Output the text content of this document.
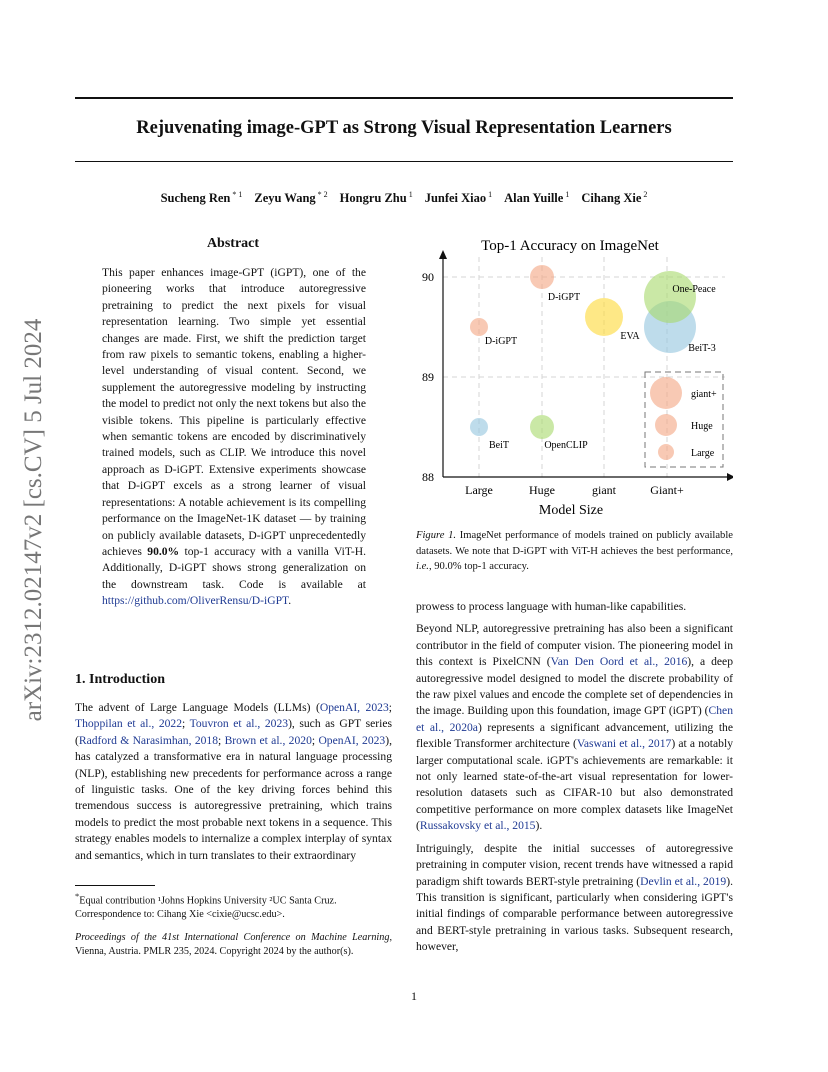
Rejuvenating image-GPT as Strong Visual Representation Learners
Sucheng Ren $^{* 1}$ Zeyu Wang $^{* 2}$ Hongru Zhu $^1$ Junfei Xiao $^1$ Alan Yuille $^1$ Cihang Xie $^2$
arXiv:2312.02147v2 [cs.CV] 5 Jul 2024
Abstract
This paper enhances image-GPT (iGPT), one of the pioneering works that introduce autoregressive pretraining to predict the next pixels for visual representation learning. Two simple yet essential changes are made. First, we shift the prediction target from raw pixels to semantic tokens, enabling a higher-level understanding of visual content. Second, we supplement the autoregressive modeling by instructing the model to predict not only the next tokens but also the visible tokens. This pipeline is particularly effective when semantic tokens are encoded by discriminatively trained models, such as CLIP. We introduce this novel approach as D-iGPT. Extensive experiments showcase that D-iGPT excels as a strong learner of visual representations: A notable achievement is its compelling performance on the ImageNet-1K dataset — by training on publicly available datasets, D-iGPT unprecedentedly achieves 90.0% top-1 accuracy with a vanilla ViT-H. Additionally, D-iGPT shows strong generalization on the downstream task. Code is available at https://github.com/OliverRensu/D-iGPT.
1. Introduction
The advent of Large Language Models (LLMs) (OpenAI, 2023; Thoppilan et al., 2022; Touvron et al., 2023), such as GPT series (Radford & Narasimhan, 2018; Brown et al., 2020; OpenAI, 2023), has catalyzed a transformative era in natural language processing (NLP), establishing new precedents for performance across a range of linguistic tasks. One of the key driving forces behind this tremendous success is autoregressive pretraining, which trains models to predict the most probable next tokens in a sequence. This strategy enables models to internalize a complex interplay of syntax and semantics, which in turn translates to their extraordinary
*Equal contribution ¹Johns Hopkins University ²UC Santa Cruz. Correspondence to: Cihang Xie <cixie@ucsc.edu>.
Proceedings of the 41st International Conference on Machine Learning, Vienna, Austria. PMLR 235, 2024. Copyright 2024 by the author(s).
Top-1 Accuracy on ImageNet
88
89
90
Large	Huge	giant	Giant+
D-iGPT
D-iGPT
BeiT	OpenCLIP
EVA
BeiT-3
One-Peace
giant+
Huge
Large
Model Size
Figure 1. ImageNet performance of models trained on publicly available datasets. We note that D-iGPT with ViT-H achieves the best performance, i.e., 90.0% top-1 accuracy.

prowess to process language with human-like capabilities.

Beyond NLP, autoregressive pretraining has also been a significant contributor in the field of computer vision. The pioneering model in this context is PixelCNN (Van Den Oord et al., 2016), a deep autoregressive model designed to model the discrete probability of the raw pixel values and encode the complete set of dependencies in the image. Building upon this foundation, image GPT (iGPT) (Chen et al., 2020a) represents a significant advancement, utilizing the flexible Transformer architecture (Vaswani et al., 2017) at a notably larger computational scale. iGPT's achievements are remarkable: it not only learned state-of-the-art visual representation for lower-resolution datasets such as CIFAR-10 but also demonstrated competitive performance on more complex datasets like ImageNet (Russakovsky et al., 2015).

Intriguingly, despite the initial successes of autoregressive pretraining in computer vision, recent trends have witnessed a rapid paradigm shift towards BERT-style pretraining (Devlin et al., 2019). This transition is significant, particularly when considering iGPT's initial findings of comparable performance between autoregressive and BERT-style pretraining in various tasks. Subsequent research, however,

1
